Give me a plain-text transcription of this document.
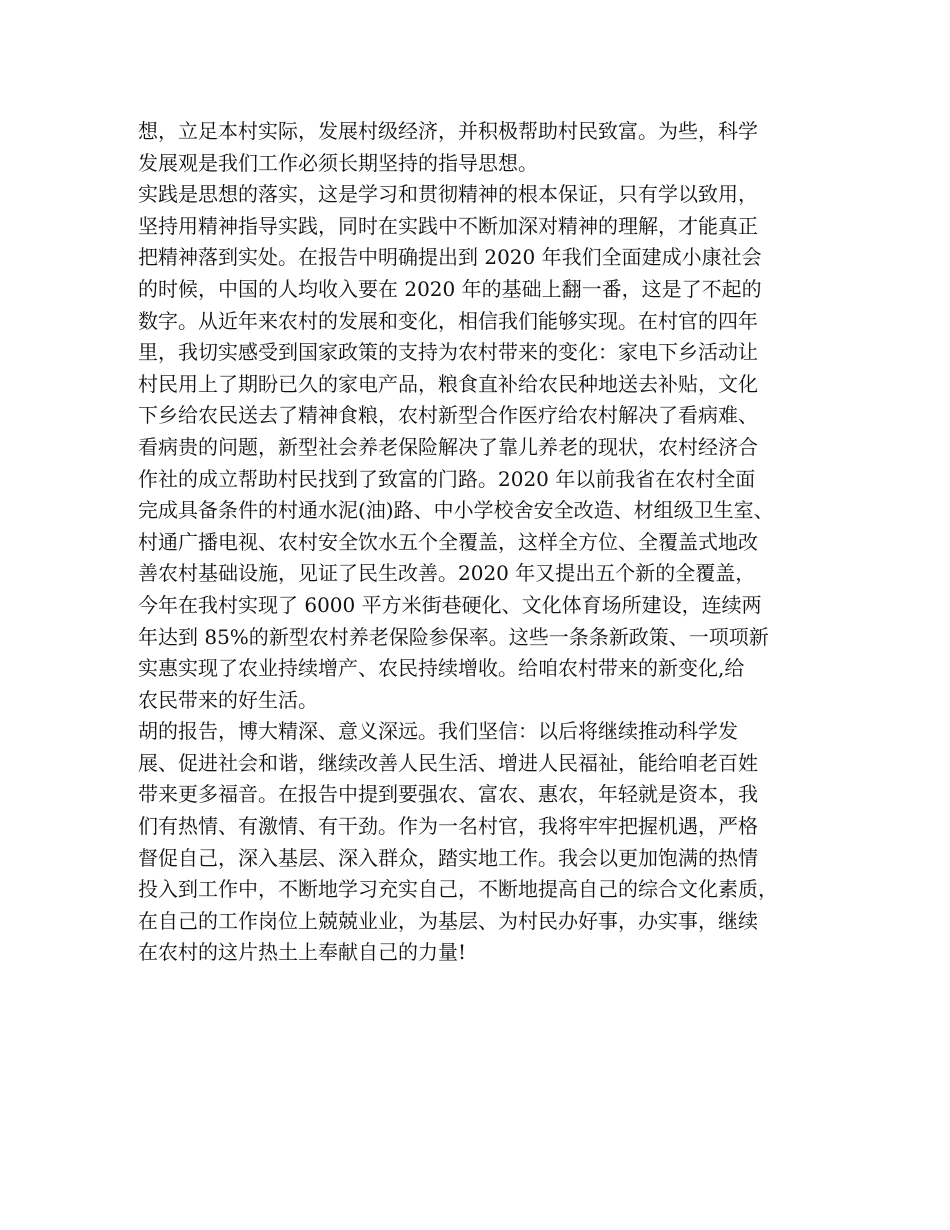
想，立足本村实际，发展村级经济，并积极帮助村民致富。为些，科学
发展观是我们工作必须长期坚持的指导思想。
实践是思想的落实，这是学习和贯彻精神的根本保证，只有学以致用，
坚持用精神指导实践，同时在实践中不断加深对精神的理解，才能真正
把精神落到实处。在报告中明确提出到 2020 年我们全面建成小康社会
的时候，中国的人均收入要在 2020 年的基础上翻一番，这是了不起的
数字。从近年来农村的发展和变化，相信我们能够实现。在村官的四年
里，我切实感受到国家政策的支持为农村带来的变化：家电下乡活动让
村民用上了期盼已久的家电产品，粮食直补给农民种地送去补贴，文化
下乡给农民送去了精神食粮，农村新型合作医疗给农村解决了看病难、
看病贵的问题，新型社会养老保险解决了靠儿养老的现状，农村经济合
作社的成立帮助村民找到了致富的门路。2020 年以前我省在农村全面
完成具备条件的村通水泥(油)路、中小学校舍安全改造、材组级卫生室、
村通广播电视、农村安全饮水五个全覆盖，这样全方位、全覆盖式地改
善农村基础设施，见证了民生改善。2020 年又提出五个新的全覆盖，
今年在我村实现了 6000 平方米街巷硬化、文化体育场所建设，连续两
年达到 85%的新型农村养老保险参保率。这些一条条新政策、一项项新
实惠实现了农业持续增产、农民持续增收。给咱农村带来的新变化,给
农民带来的好生活。
胡的报告，博大精深、意义深远。我们坚信：以后将继续推动科学发
展、促进社会和谐，继续改善人民生活、增进人民福祉，能给咱老百姓
带来更多福音。在报告中提到要强农、富农、惠农，年轻就是资本，我
们有热情、有激情、有干劲。作为一名村官，我将牢牢把握机遇，严格
督促自己，深入基层、深入群众，踏实地工作。我会以更加饱满的热情
投入到工作中，不断地学习充实自己，不断地提高自己的综合文化素质，
在自己的工作岗位上兢兢业业，为基层、为村民办好事，办实事，继续
在农村的这片热土上奉献自己的力量!
